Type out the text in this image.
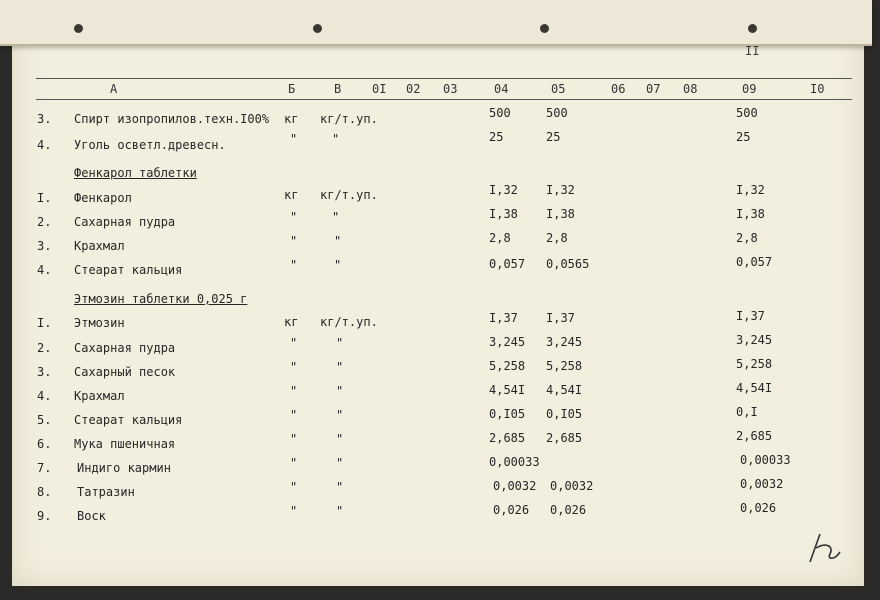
II
А	Б	В	0I 02 03	04	05	06 07 08	09	I0
3. Спирт изопропилов.техн.I00% кг кг/т.уп.	500	500	500
4. Уголь осветл.древесн.	"	"	25	25	25
Фенкарол таблетки
I. Фенкарол	кг кг/т.уп.	I,32 I,32	I,32
2. Сахарная пудра	"	"	I,38 I,38	I,38
3. Крахмал	"	"	2,8	2,8	2,8
4. Стеарат кальция	"	"	0,057 0,0565	0,057
Этмозин таблетки 0,025 г
I. Этмозин	кг кг/т.уп.	I,37 I,37	I,37
2. Сахарная пудра	"	"	3,245 3,245	3,245
3. Сахарный песок	"	"	5,258 5,258	5,258
4. Крахмал	"	"	4,54I 4,54I	4,54I
5. Стеарат кальция	"	"	0,I05 0,I05	0,I
6. Мука пшеничная	"	"	2,685 2,685	2,685
7. Индиго кармин	"	"	0,00033	0,00033
8. Татразин	"	"	0,0032 0,0032	0,0032
9. Воск	"	"	0,026 0,026	0,026
